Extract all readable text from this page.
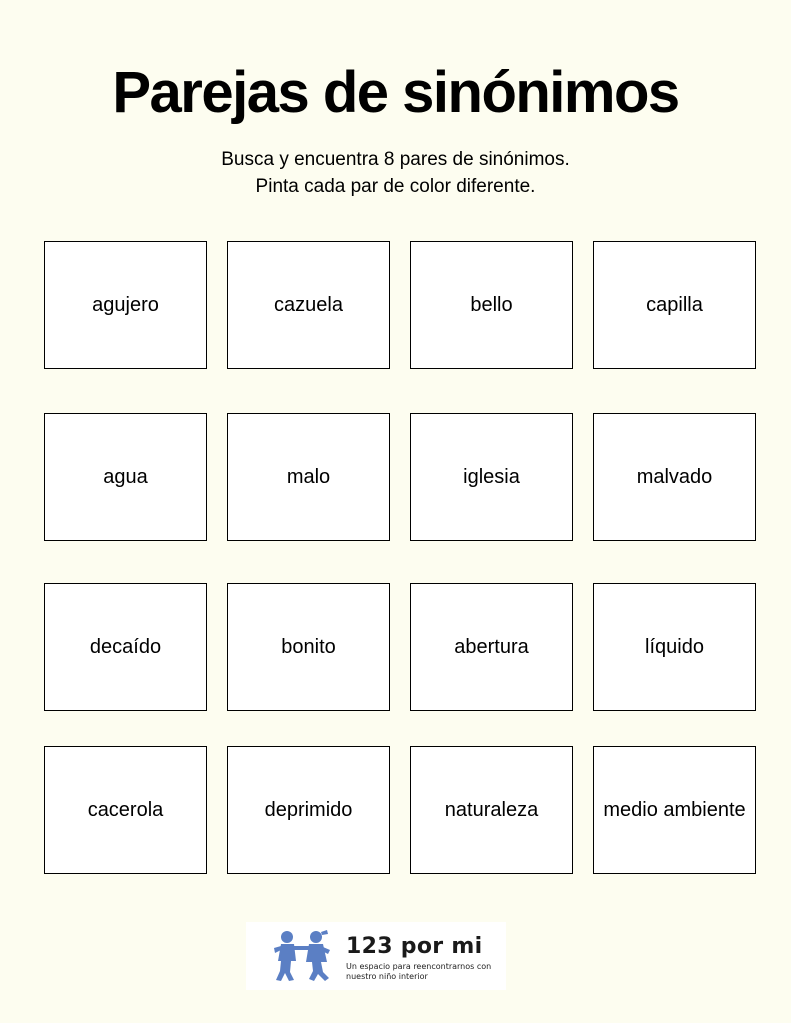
Parejas de sinónimos
Busca y encuentra 8 pares de sinónimos.
Pinta cada par de color diferente.
agujero	cazuela	bello	capilla
agua	malo	iglesia	malvado
decaído	bonito	abertura	líquido
cacerola	deprimido	naturaleza	medio ambiente
123 por mi
Un espacio para reencontrarnos con nuestro niño interior
